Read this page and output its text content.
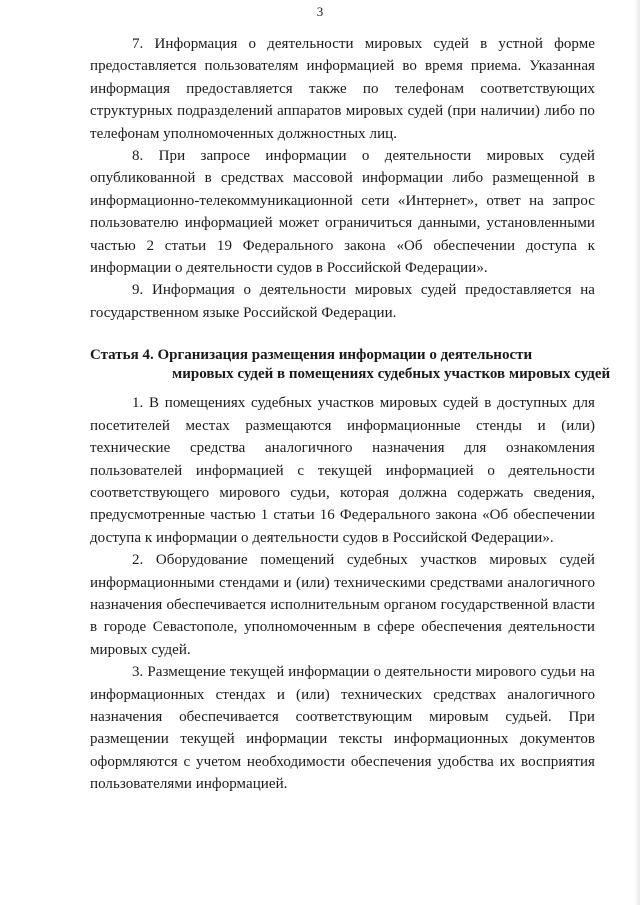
3

7. Информация о деятельности мировых судей в устной форме предоставляется пользователям информацией во время приема. Указанная информация предоставляется также по телефонам соответствующих структурных подразделений аппаратов мировых судей (при наличии) либо по телефонам уполномоченных должностных лиц.

8. При запросе информации о деятельности мировых судей опубликованной в средствах массовой информации либо размещенной в информационно-телекоммуникационной сети «Интернет», ответ на запрос пользователю информацией может ограничиться данными, установленными частью 2 статьи 19 Федерального закона «Об обеспечении доступа к информации о деятельности судов в Российской Федерации».

9. Информация о деятельности мировых судей предоставляется на государственном языке Российской Федерации.

Статья 4. Организация размещения информации о деятельности
мировых судей в помещениях судебных участков мировых судей

1. В помещениях судебных участков мировых судей в доступных для посетителей местах размещаются информационные стенды и (или) технические средства аналогичного назначения для ознакомления пользователей информацией с текущей информацией о деятельности соответствующего мирового судьи, которая должна содержать сведения, предусмотренные частью 1 статьи 16 Федерального закона «Об обеспечении доступа к информации о деятельности судов в Российской Федерации».

2. Оборудование помещений судебных участков мировых судей информационными стендами и (или) техническими средствами аналогичного назначения обеспечивается исполнительным органом государственной власти в городе Севастополе, уполномоченным в сфере обеспечения деятельности мировых судей.

3. Размещение текущей информации о деятельности мирового судьи на информационных стендах и (или) технических средствах аналогичного назначения обеспечивается соответствующим мировым судьей. При размещении текущей информации тексты информационных документов оформляются с учетом необходимости обеспечения удобства их восприятия пользователями информацией.
